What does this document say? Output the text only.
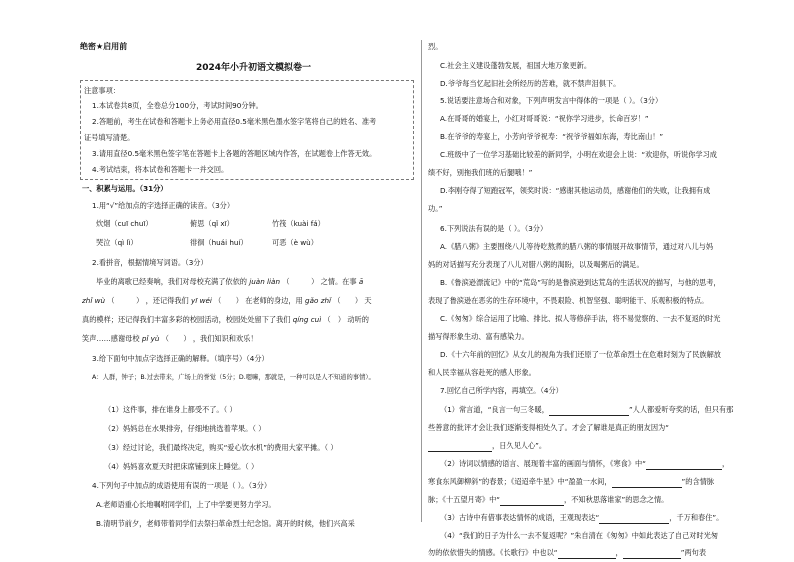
绝密★启用前
2024年小升初语文模拟卷一
注意事项：
1.本试卷共8页，全卷总分100分，考试时间90分钟。
2.答题前，考生在试卷和答题卡上务必用直径0.5毫米黑色墨水签字笔将自己的姓名、准考
证号填写清楚。
3.请用直径0.5毫米黑色签字笔在答题卡上各题的答题区域内作答，在试题卷上作答无效。
4.考试结束，将本试卷和答题卡一并交回。
一、积累与运用。（31分）
1.用“√”给加点的字选择正确的读音。（3分）
炊烟（cuī chuī）	俯思（qǐ xī）	竹筏（kuài fá）
哭泣（qì lì）	徘徊（huái huí）	可恶（è wù）
2.看拼音，根据情境写词语。（3分）
毕业的离歌已经奏响，我们对母校充满了依依的 juàn liàn （　　　） 之情。在事 ā
zhǐ wù （　　　） ，还记得我们 yī wéi （　　） 在老师的身边，用 gǎo zhǐ （　　） 天
真的模样；还记得我们丰富多彩的校园活动，校园处处留下了我们 qíng cuì （　） 动听的
笑声……感谢母校 pǐ yù （　　） ，我们知识和欢乐！
3.给下面句中加点字选择正确的解释。（填序号）（4分）
A：人群，钟子；B.过去带来，广场上的誉觉（5分；D.嗯嘛，那就是，一种可以是人不知道的事情）。
（1）这件事，排在谁身上都受不了。（ ）
（2）妈妈总在水果排旁，仔细地挑选着苹果。（ ）
（3）经过讨论，我们最终决定，购买“爱心饮水机”的费用大家平摊。（ ）
（4）妈妈喜欢夏天时把床席铺到床上睡觉。（ ）
4.下列句子中加点的成语使用有误的一项是（ ）。（3分）
A.老师语重心长地嘱咐同学们，上了中学要更努力学习。
B.清明节前夕，老师带着同学们去祭扫革命烈士纪念馆。离开的时候，他们兴高采
烈。
C.社会主义建设蓬勃发展，祖国大地万象更新。
D.爷爷每当忆起旧社会所经历的苦难，就不禁声泪俱下。
5.说话要注意场合和对象，下列声明发言中得体的一项是（ ）。（3分）
A.在哥哥的婚宴上，小红对哥哥说：“祝你学习进步，长命百岁！”
B.在爷爷的寿宴上，小芳向爷爷祝寿：“祝爷爷福如东海，寿比南山！”
C.班级中了一位学习基础比较差的新同学，小明在欢迎会上说：“欢迎你，听说你学习成
绩不好，别拖我们班的后腿哦！”
D.李刚夺得了短跑冠军，领奖时说：“感谢其他运动员，感谢他们的失败，让我拥有成
功。”
6.下列说法有误的是（ ）。（3分）
A.《腊八粥》主要围绕八儿等待吃熬煮的腊八粥的事情展开故事情节，通过对八儿与妈
妈的对话描写充分表现了八儿对腊八粥的渴盼，以及喝粥后的满足。
B.《鲁滨逊漂流记》中的“荒岛”写的是鲁滨逊到达荒岛的生活状况的描写，与他的思考，
表现了鲁滨逊在恶劣的生存环境中，不畏艰险、机智坚强、聪明能干、乐观积极的特点。
C.《匆匆》综合运用了比喻、排比、拟人等修辞手法，将不易觉察的、一去不复返的时光
描写得形象生动、富有感染力。
D.《十六年前的回忆》从女儿的视角为我们还原了一位革命烈士在危难时刻为了民族解放
和人民幸福从容赴死的感人形象。
7.回忆自己所学内容，再填空。（4分）
（1）常言道，“良言一句三冬暖，	”人人都爱听夸奖的话，但只有那
些善意的批评才会让我们逐渐变得相处久了。才会了解谁是真正的朋友因为“
，日久见人心”。
（2）诗词以情感的语言、展现着丰富的画面与情怀，《寒食》中“	，
寒食东风御柳斜”的春景；《迢迢牵牛星》中“盈盈一水间，	”的含情脉
脉；《十五望月寄》中“	，不知秋思落谁家”的思念之情。
（3）古诗中有借事表达情怀的成语，王观现表达“	，千万和春住”。
（4）“我们的日子为什么一去不复返呢？”朱自清在《匆匆》中如此表达了自己对时光匆
勿的依依惜失的情感。《长歌行》中也以“	，	”两句表
